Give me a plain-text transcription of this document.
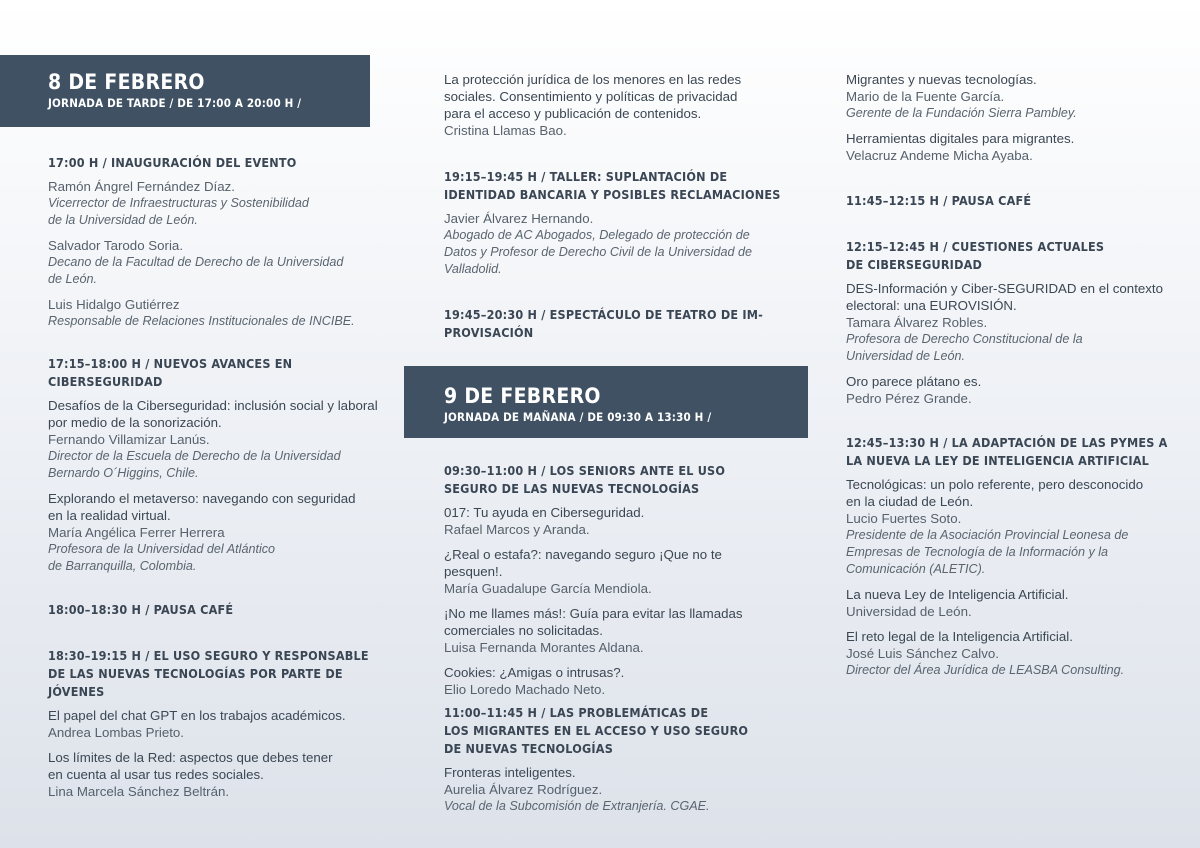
8 DE FEBRERO
JORNADA DE TARDE / DE 17:00 A 20:00 H /
17:00 H / INAUGURACIÓN DEL EVENTO
Ramón Ángrel Fernández Díaz.
Vicerrector de Infraestructuras y Sostenibilidad
de la Universidad de León.
Salvador Tarodo Soria.
Decano de la Facultad de Derecho de la Universidad
de León.
Luis Hidalgo Gutiérrez
Responsable de Relaciones Institucionales de INCIBE.
17:15–18:00 H / NUEVOS AVANCES EN
CIBERSEGURIDAD
Desafíos de la Ciberseguridad: inclusión social y laboral
por medio de la sonorización.
Fernando Villamizar Lanús.
Director de la Escuela de Derecho de la Universidad
Bernardo O´Higgins, Chile.
Explorando el metaverso: navegando con seguridad
en la realidad virtual.
María Angélica Ferrer Herrera
Profesora de la Universidad del Atlántico
de Barranquilla, Colombia.
18:00–18:30 H / PAUSA CAFÉ
18:30–19:15 H / EL USO SEGURO Y RESPONSABLE
DE LAS NUEVAS TECNOLOGÍAS POR PARTE DE
JÓVENES
El papel del chat GPT en los trabajos académicos.
Andrea Lombas Prieto.
Los límites de la Red: aspectos que debes tener
en cuenta al usar tus redes sociales.
Lina Marcela Sánchez Beltrán.
La protección jurídica de los menores en las redes
sociales. Consentimiento y políticas de privacidad
para el acceso y publicación de contenidos.
Cristina Llamas Bao.
19:15–19:45 H / TALLER: SUPLANTACIÓN DE
IDENTIDAD BANCARIA Y POSIBLES RECLAMACIONES
Javier Álvarez Hernando.
Abogado de AC Abogados, Delegado de protección de
Datos y Profesor de Derecho Civil de la Universidad de
Valladolid.
19:45–20:30 H / ESPECTÁCULO DE TEATRO DE IM-
PROVISACIÓN
9 DE FEBRERO
JORNADA DE MAÑANA / DE 09:30 A 13:30 H /
09:30–11:00 H / LOS SENIORS ANTE EL USO
SEGURO DE LAS NUEVAS TECNOLOGÍAS
017: Tu ayuda en Ciberseguridad.
Rafael Marcos y Aranda.
¿Real o estafa?: navegando seguro ¡Que no te pesquen!.
María Guadalupe García Mendiola.
¡No me llames más!: Guía para evitar las llamadas
comerciales no solicitadas.
Luisa Fernanda Morantes Aldana.
Cookies: ¿Amigas o intrusas?.
Elio Loredo Machado Neto.
11:00–11:45 H / LAS PROBLEMÁTICAS DE
LOS MIGRANTES EN EL ACCESO Y USO SEGURO
DE NUEVAS TECNOLOGÍAS
Fronteras inteligentes.
Aurelia Álvarez Rodríguez.
Vocal de la Subcomisión de Extranjería. CGAE.
Migrantes y nuevas tecnologías.
Mario de la Fuente García.
Gerente de la Fundación Sierra Pambley.
Herramientas digitales para migrantes.
Velacruz Andeme Micha Ayaba.
11:45–12:15 H / PAUSA CAFÉ
12:15–12:45 H / CUESTIONES ACTUALES
DE CIBERSEGURIDAD
DES-Información y Ciber-SEGURIDAD en el contexto
electoral: una EUROVISIÓN.
Tamara Álvarez Robles.
Profesora de Derecho Constitucional de la
Universidad de León.
Oro parece plátano es.
Pedro Pérez Grande.
12:45–13:30 H / LA ADAPTACIÓN DE LAS PYMES A
LA NUEVA LA LEY DE INTELIGENCIA ARTIFICIAL
Tecnológicas: un polo referente, pero desconocido
en la ciudad de León.
Lucio Fuertes Soto.
Presidente de la Asociación Provincial Leonesa de
Empresas de Tecnología de la Información y la
Comunicación (ALETIC).
La nueva Ley de Inteligencia Artificial.
Universidad de León.
El reto legal de la Inteligencia Artificial.
José Luis Sánchez Calvo.
Director del Área Jurídica de LEASBA Consulting.
